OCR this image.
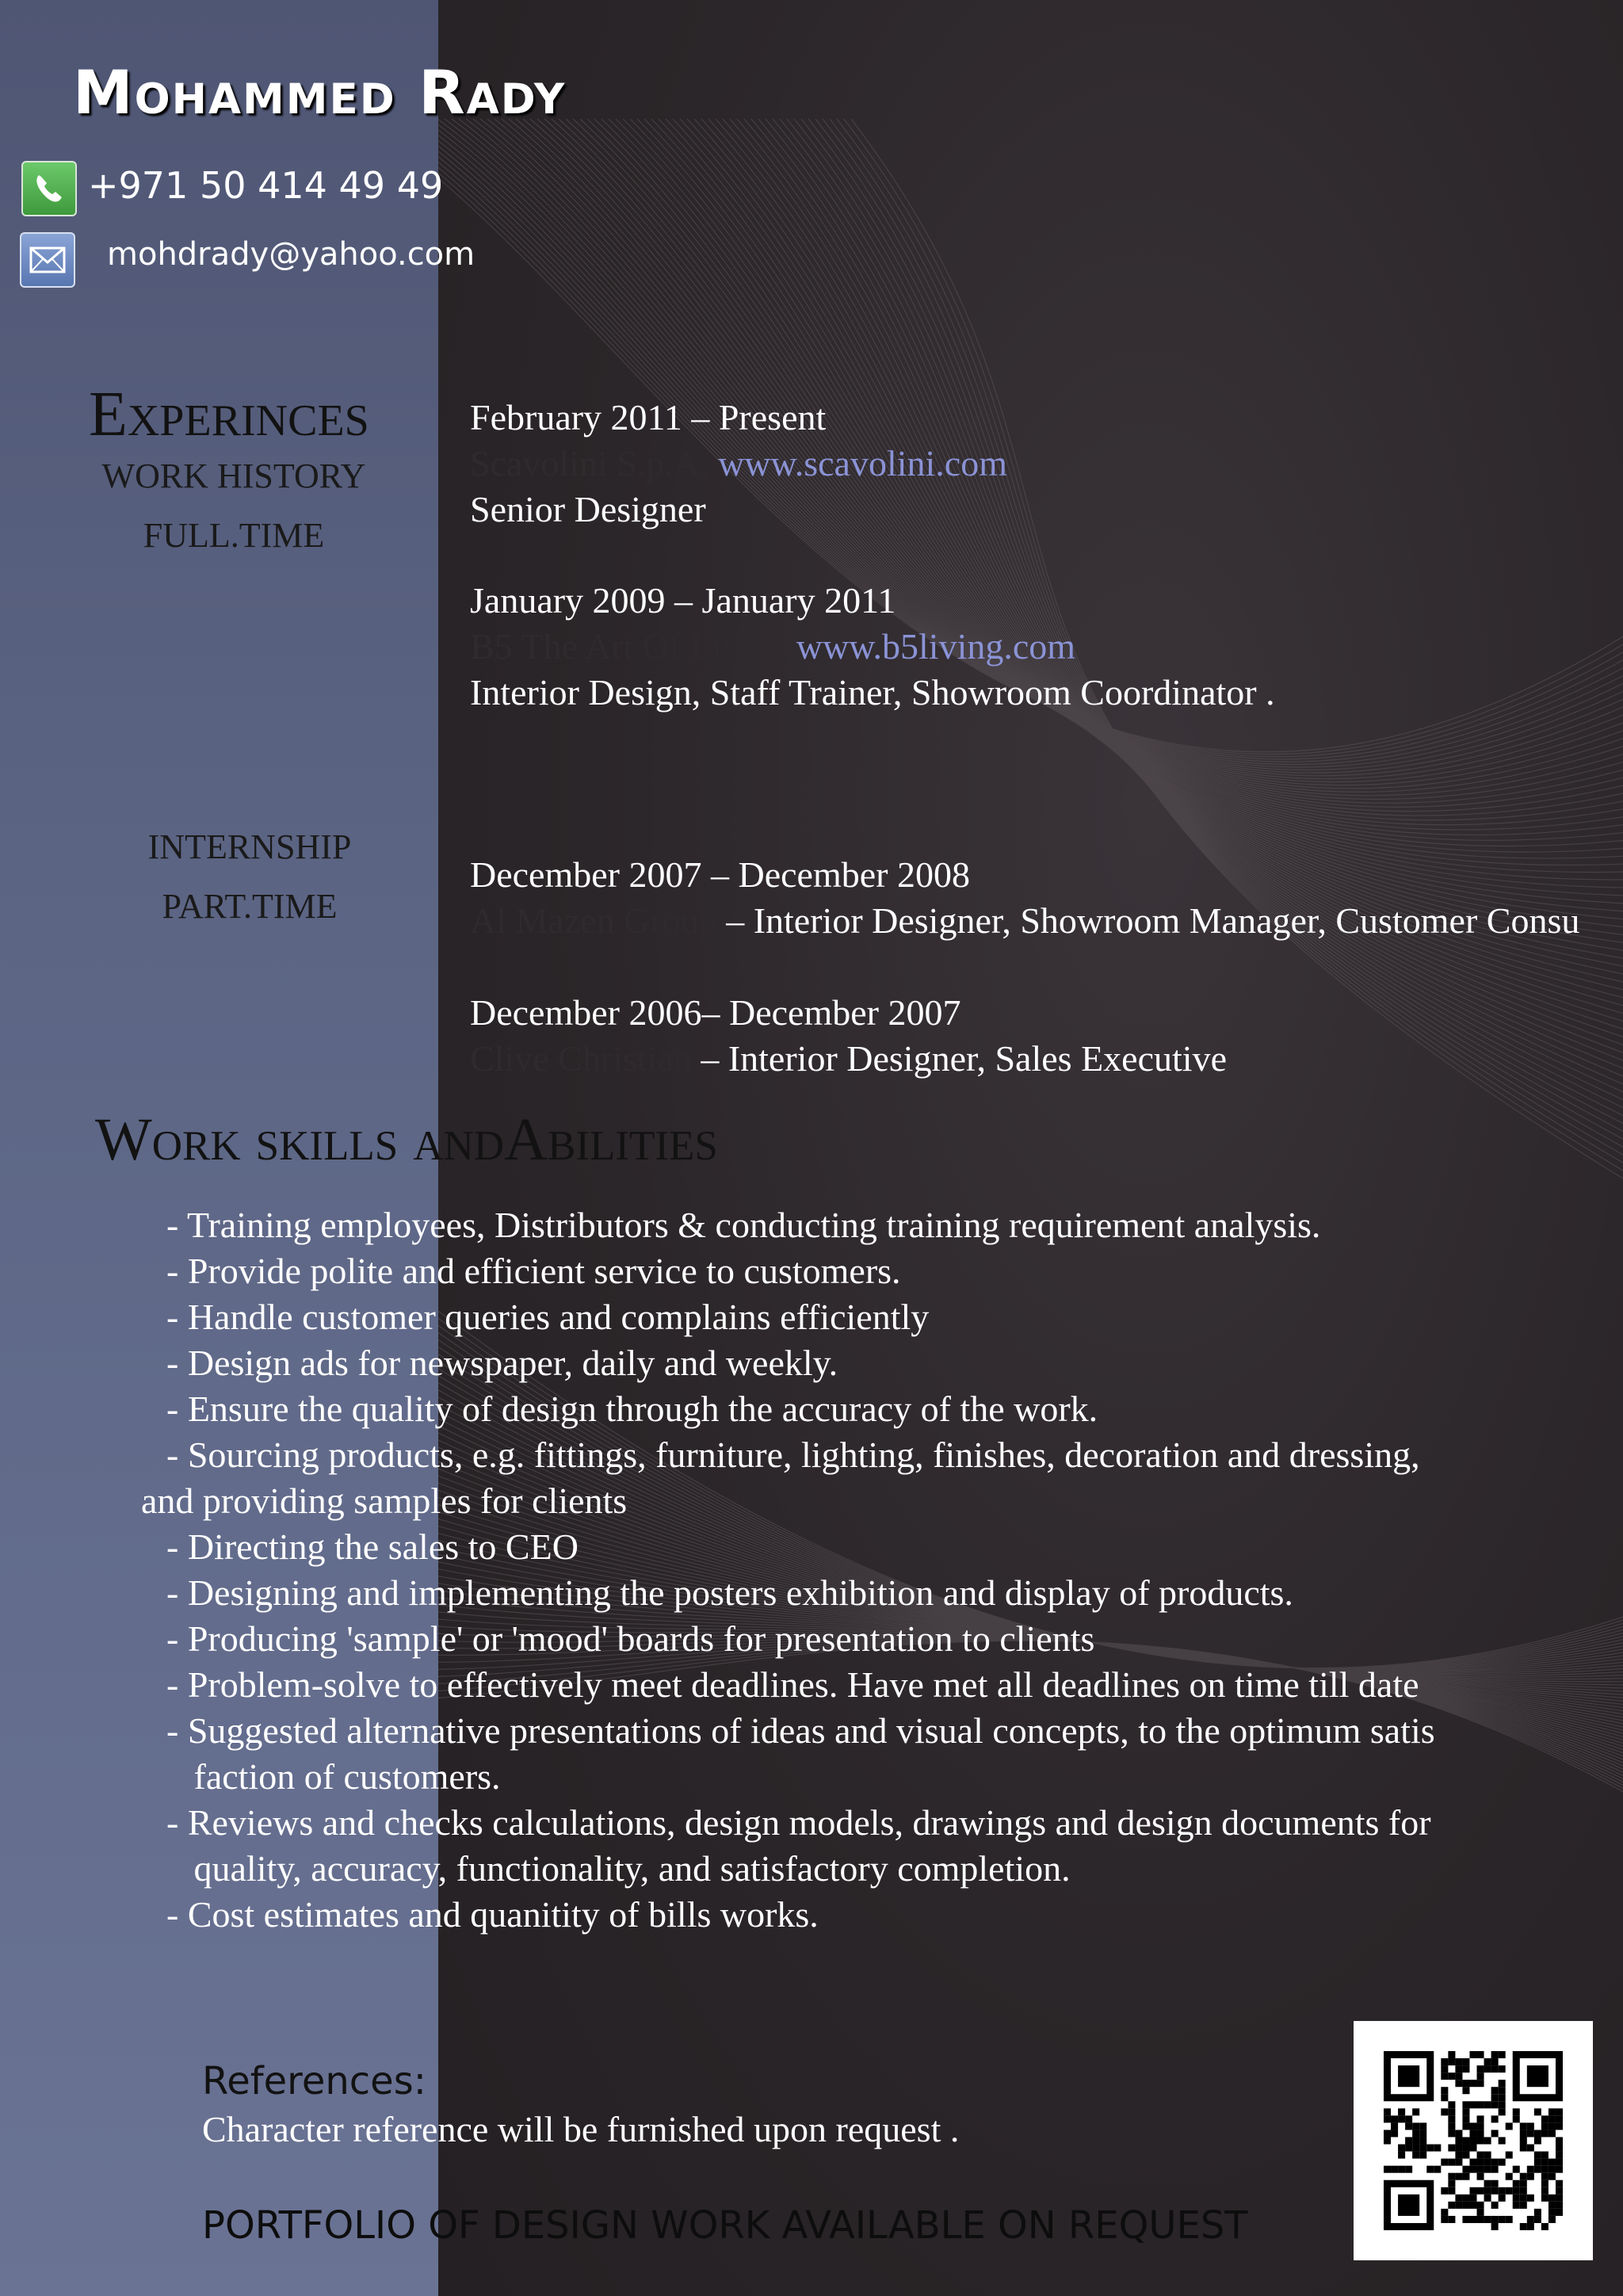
Mohammed Rady
+971 50 414 49 49
mohdrady@yahoo.com
Experinces
WORK HISTORY
FULL.TIME
INTERNSHIP
PART.TIME
February 2011 – Present
Scavolini S.p.A. www.scavolini.com
Senior Designer
January 2009 – January 2011
B5 The Art Of Living www.b5living.com
Interior Design, Staff Trainer, Showroom Coordinator .
December 2007 – December 2008
Al Mazen Group – Interior Designer, Showroom Manager, Customer Consu
December 2006– December 2007
Clive Christian – Interior Designer, Sales Executive
Work skills andAbilities
- Training employees, Distributors & conducting training requirement analysis.
- Provide polite and efficient service to customers.
- Handle customer queries and complains efficiently
- Design ads for newspaper, daily and weekly.
- Ensure the quality of design through the accuracy of the work.
- Sourcing products, e.g. fittings, furniture, lighting, finishes, decoration and dressing,
and providing samples for clients
- Directing the sales to CEO
- Designing and implementing the posters exhibition and display of products.
- Producing 'sample' or 'mood' boards for presentation to clients
- Problem-solve to effectively meet deadlines. Have met all deadlines on time till date
- Suggested alternative presentations of ideas and visual concepts, to the optimum satis
faction of customers.
- Reviews and checks calculations, design models, drawings and design documents for
quality, accuracy, functionality, and satisfactory completion.
- Cost estimates and quanitity of bills works.
References:
Character reference will be furnished upon request .
PORTFOLIO OF DESIGN WORK AVAILABLE ON REQUEST
